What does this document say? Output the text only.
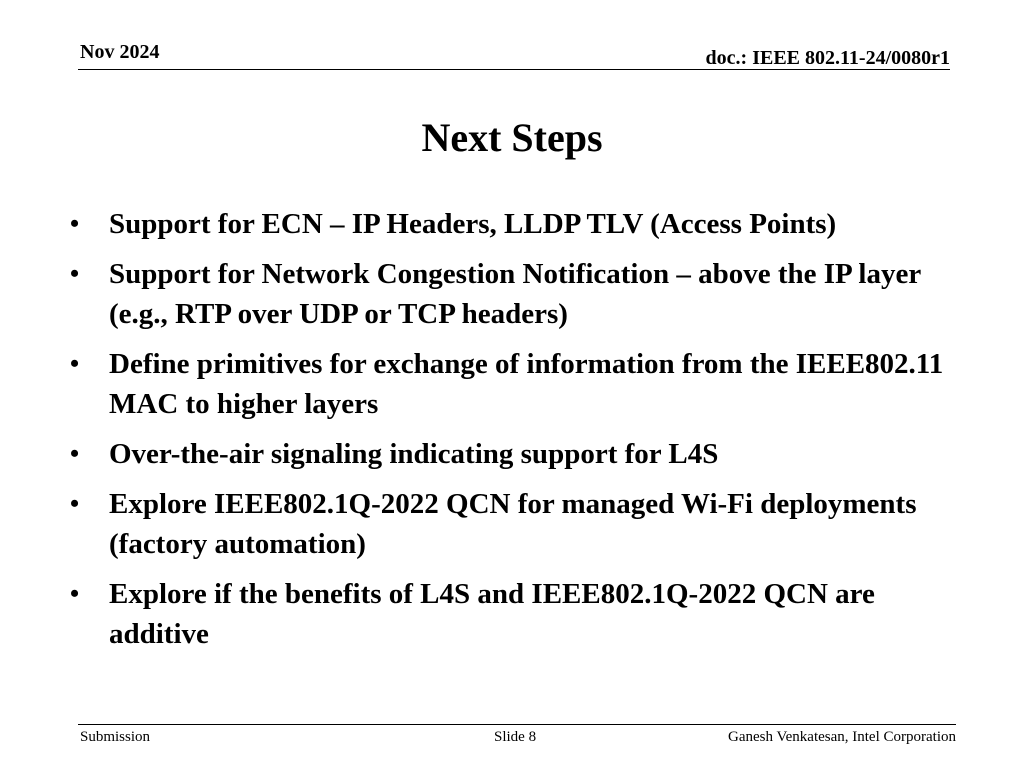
Nov 2024	doc.: IEEE 802.11-24/0080r1
Next Steps
•	Support for ECN – IP Headers, LLDP TLV (Access Points)
•	Support for Network Congestion Notification – above the IP layer (e.g., RTP over UDP or TCP headers)
•	Define primitives for exchange of information from the IEEE802.11 MAC to higher layers
•	Over-the-air signaling indicating support for L4S
•	Explore IEEE802.1Q-2022 QCN for managed Wi-Fi deployments (factory automation)
•	Explore if the benefits of L4S and IEEE802.1Q-2022 QCN are additive
Submission	Slide 8	Ganesh Venkatesan, Intel Corporation
